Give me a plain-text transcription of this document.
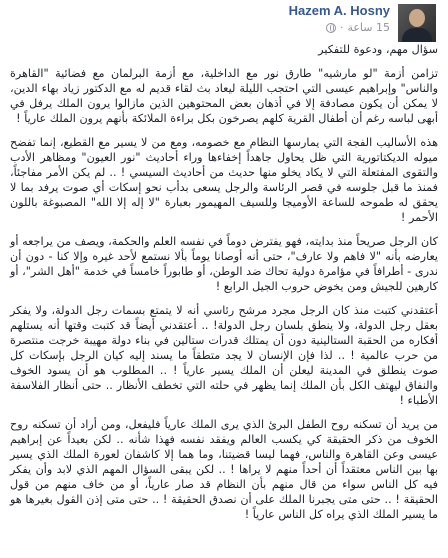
Hazem A. Hosny
15 ساعة
·

سؤال مهم، ودعوة للتفكير

تزامن أزمة "لو مارشيه" طارق نور مع الداخلية، مع أزمة البرلمان مع فضائية "القاهرة والناس" وإبراهيم عيسى التي احتجب الليلة ليعاد بث لقاء قديم له مع الدكتور زياد بهاء الدين، لا يمكن أن يكون مصادفة إلا في أذهان بعض المحتوهين الذين مازالوا يرون الملك يرفل في أبهى لباسه رغم أن أطفال القرية كلهم يصرخون بكل براءة الملائكة بأنهم يرون الملك عارياً !

هذه الأساليب الفجة التي يمارسها النظام مع خصومه، ومع من لا يسير مع القطيع، إنما تفضح ميوله الديكتاتورية التي ظل يحاول جاهداً إخفاءها وراء أحاديث "نور العيون" ومظاهر الأدب والتقوى المفتعلة التي لا يكاد يخلو منها حديث من أحاديث السيسي ! .. لم يكن الأمر مفاجئاً، فمنذ ما قبل جلوسه في قصر الرئاسة والرجل يسعى بدأب نحو إسكات أي صوت يرفد بما لا يحقق له طموحه للساعة الأوميجا وللسيف المهيمور بعبارة "لا إله إلا الله" المصبوغة باللون الأحمر !

كان الرجل صريحاً منذ بدايته، فهو يفترض دوماً في نفسه العلم والحكمة، ويصف من يراجعه أو يعارضه بأنه "لا فاهم ولا عارف"، حتى أنه أوصانا يوماً بألا نستمع لأحد غيره وإلا كنا - دون أن ندرى - أطرافاً في مؤامرة دولية تحاك ضد الوطن، أو طابوراً خامساً في خدمة "أهل الشر"، أو كارهين للجيش ومن يخوض حروب الجيل الرابع !

أعتقدني كتبت منذ كان الرجل مجرد مرشح رئاسي أنه لا يتمتع بسمات رجل الدولة، ولا يفكر بعقل رجل الدولة، ولا ينطق بلسان رجل الدولة! .. أعتقدني أيضاً قد كتبت وقتها أنه يستلهم أفكاره من الحقبة الستالينية دون أن يمتلك قدرات ستالين في بناء دولة مهيبة خرجت منتصرة من حرب عالمية ! .. لذا فإن الإنسان لا يجد متطقاً ما يسند إليه كيان الرجل بإسكات كل صوت ينطلق في المدينة ليعلن أن الملك يسير عارياً ! .. المطلوب هو أن يسود الخوف والنفاق ليهتف الكل بأن الملك إنما يظهر في حلته التي تخطف الأنظار .. حتى أنظار الفلاسفة الأطباء !

من يريد أن تسكنه روح الطفل البرئ الذي يرى الملك عارياً فليفعل، ومن أراد أن تسكنه روح الخوف من ذكر الحقيقة كي يكسب العالم ويفقد نفسه فهذا شأنه .. لكن بعيداً عن إبراهيم عيسى وعن القاهرة والناس، فهما ليسا قضيتنا، وما هما إلا كاشفان لعورة الملك الذي يسير بها بين الناس معتقداً أن أحداً منهم لا يراها ! .. لكن يبقى السؤال المهم الذي لابد وأن يفكر فيه كل الناس سواء من قال منهم بأن النظام قد صار عارياً، أو من خاف منهم من قول الحقيقة ! .. حتى متى يجبرنا الملك على أن نصدق الحقيقة ! .. حتى متى إذن القول بغيرها هو ما يسير الملك الذي يراه كل الناس عارياً !
